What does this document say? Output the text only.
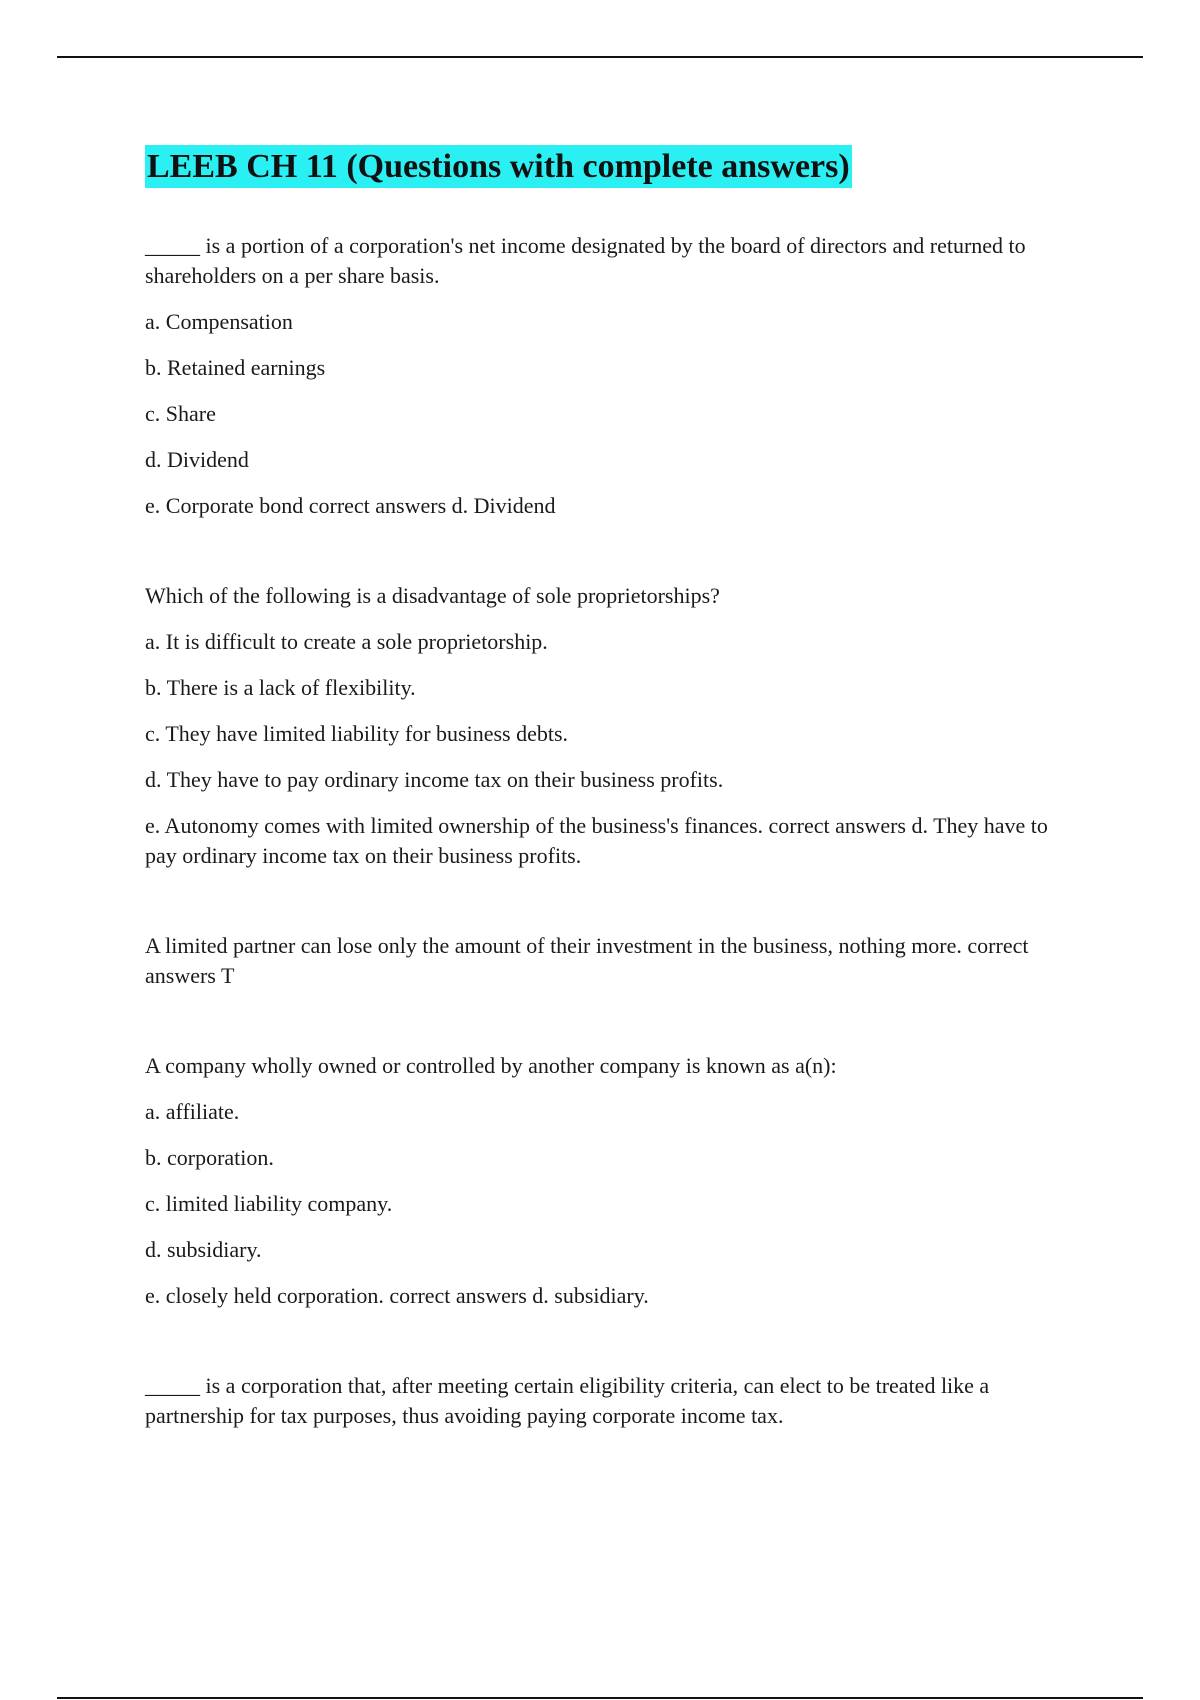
LEEB CH 11 (Questions with complete answers)

_____ is a portion of a corporation's net income designated by the board of directors and returned to shareholders on a per share basis.

a. Compensation

b. Retained earnings

c. Share

d. Dividend

e. Corporate bond correct answers d. Dividend

Which of the following is a disadvantage of sole proprietorships?

a. It is difficult to create a sole proprietorship.

b. There is a lack of flexibility.

c. They have limited liability for business debts.

d. They have to pay ordinary income tax on their business profits.

e. Autonomy comes with limited ownership of the business's finances. correct answers d. They have to pay ordinary income tax on their business profits.

A limited partner can lose only the amount of their investment in the business, nothing more. correct answers T

A company wholly owned or controlled by another company is known as a(n):

a. affiliate.

b. corporation.

c. limited liability company.

d. subsidiary.

e. closely held corporation. correct answers d. subsidiary.

_____ is a corporation that, after meeting certain eligibility criteria, can elect to be treated like a partnership for tax purposes, thus avoiding paying corporate income tax.
